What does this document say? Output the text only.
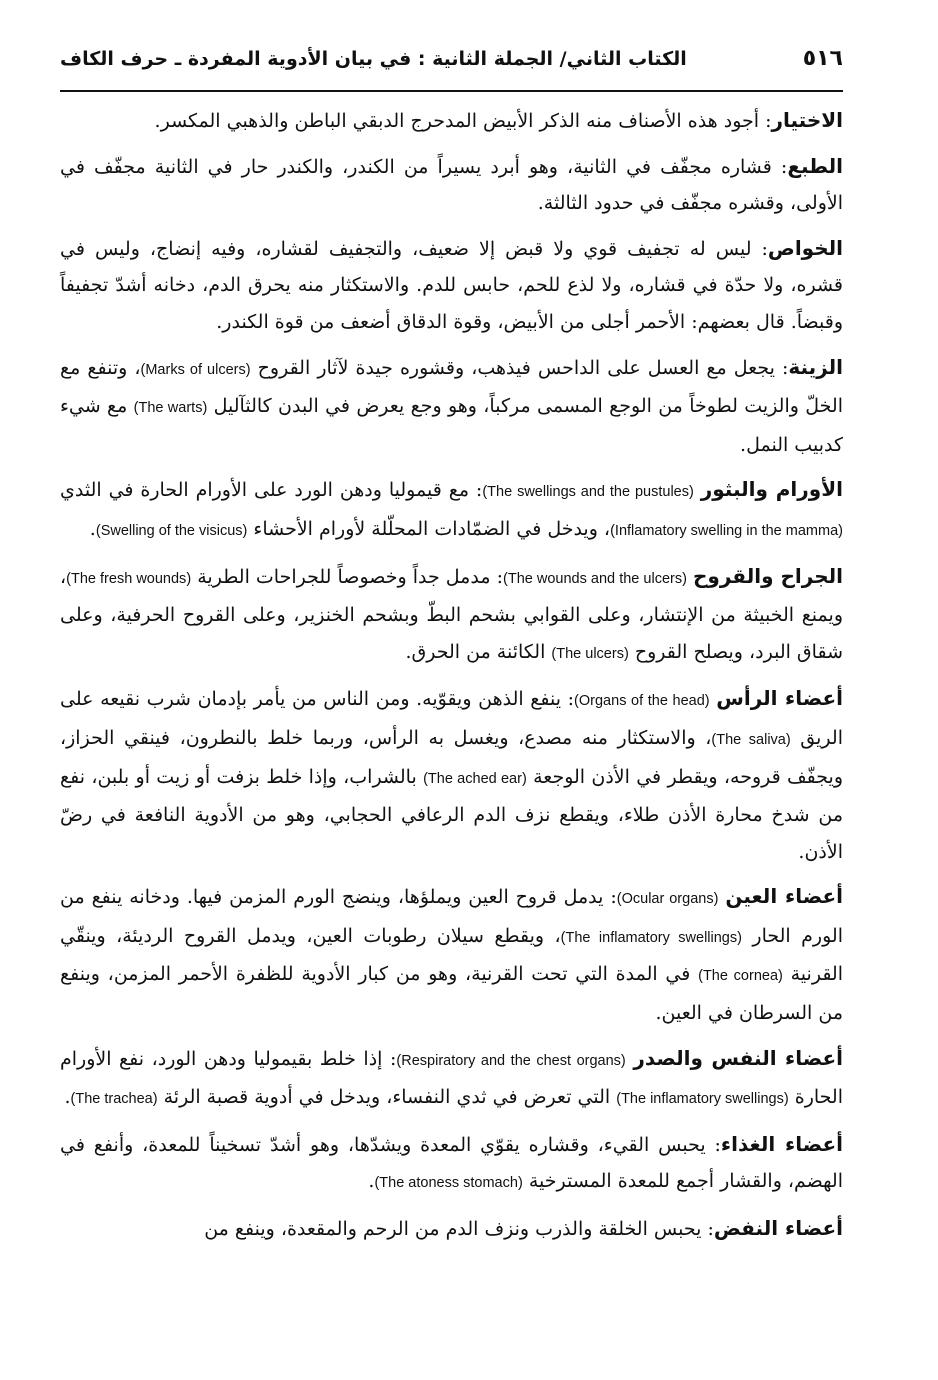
٥١٦
الكتاب الثاني/ الجملة الثانية : في بيان الأدوية المفردة ـ حرف الكاف

الاختيار: أجود هذه الأصناف منه الذكر الأبيض المدحرج الدبقي الباطن والذهبي المكسر.

الطبع: قشاره مجفّف في الثانية، وهو أبرد يسيراً من الكندر، والكندر حار في الثانية مجفّف في الأولى، وقشره مجفّف في حدود الثالثة.

الخواص: ليس له تجفيف قوي ولا قبض إلا ضعيف، والتجفيف لقشاره، وفيه إنضاج، وليس في قشره، ولا حدّة في قشاره، ولا لذع للحم، حابس للدم. والاستكثار منه يحرق الدم، دخانه أشدّ تجفيفاً وقبضاً. قال بعضهم: الأحمر أجلى من الأبيض، وقوة الدقاق أضعف من قوة الكندر.

الزينة: يجعل مع العسل على الداحس فيذهب، وقشوره جيدة لآثار القروح (Marks of ulcers)، وتنفع مع الخلّ والزيت لطوخاً من الوجع المسمى مركباً، وهو وجع يعرض في البدن كالثآليل (The warts) مع شيء كدبيب النمل.

الأورام والبثور (The swellings and the pustules): مع قيموليا ودهن الورد على الأورام الحارة في الثدي (Inflamatory swelling in the mamma)، ويدخل في الضمّادات المحلّلة لأورام الأحشاء (Swelling of the visicus).

الجراح والقروح (The wounds and the ulcers): مدمل جداً وخصوصاً للجراحات الطرية (The fresh wounds)، ويمنع الخبيثة من الإنتشار، وعلى القوابي بشحم البطّ وبشحم الخنزير، وعلى القروح الحرفية، وعلى شقاق البرد، ويصلح القروح (The ulcers) الكائنة من الحرق.

أعضاء الرأس (Organs of the head): ينفع الذهن ويقوّيه. ومن الناس من يأمر بإدمان شرب نقيعه على الريق (The saliva)، والاستكثار منه مصدع، ويغسل به الرأس، وربما خلط بالنطرون، فينقي الحزاز، ويجفّف قروحه، ويقطر في الأذن الوجعة (The ached ear) بالشراب، وإذا خلط بزفت أو زيت أو بلبن، نفع من شدخ محارة الأذن طلاء، ويقطع نزف الدم الرعافي الحجابي، وهو من الأدوية النافعة في رضّ الأذن.

أعضاء العين (Ocular organs): يدمل قروح العين ويملؤها، وينضج الورم المزمن فيها. ودخانه ينفع من الورم الحار (The inflamatory swellings)، ويقطع سيلان رطوبات العين، ويدمل القروح الرديئة، وينقّي القرنية (The cornea) في المدة التي تحت القرنية، وهو من كبار الأدوية للظفرة الأحمر المزمن، وينفع من السرطان في العين.

أعضاء النفس والصدر (Respiratory and the chest organs): إذا خلط بقيموليا ودهن الورد، نفع الأورام الحارة (The inflamatory swellings) التي تعرض في ثدي النفساء، ويدخل في أدوية قصبة الرئة (The trachea).

أعضاء الغذاء: يحبس القيء، وقشاره يقوّي المعدة ويشدّها، وهو أشدّ تسخيناً للمعدة، وأنفع في الهضم، والقشار أجمع للمعدة المسترخية (The atoness stomach).

أعضاء النفض: يحبس الخلقة والذرب ونزف الدم من الرحم والمقعدة، وينفع من
